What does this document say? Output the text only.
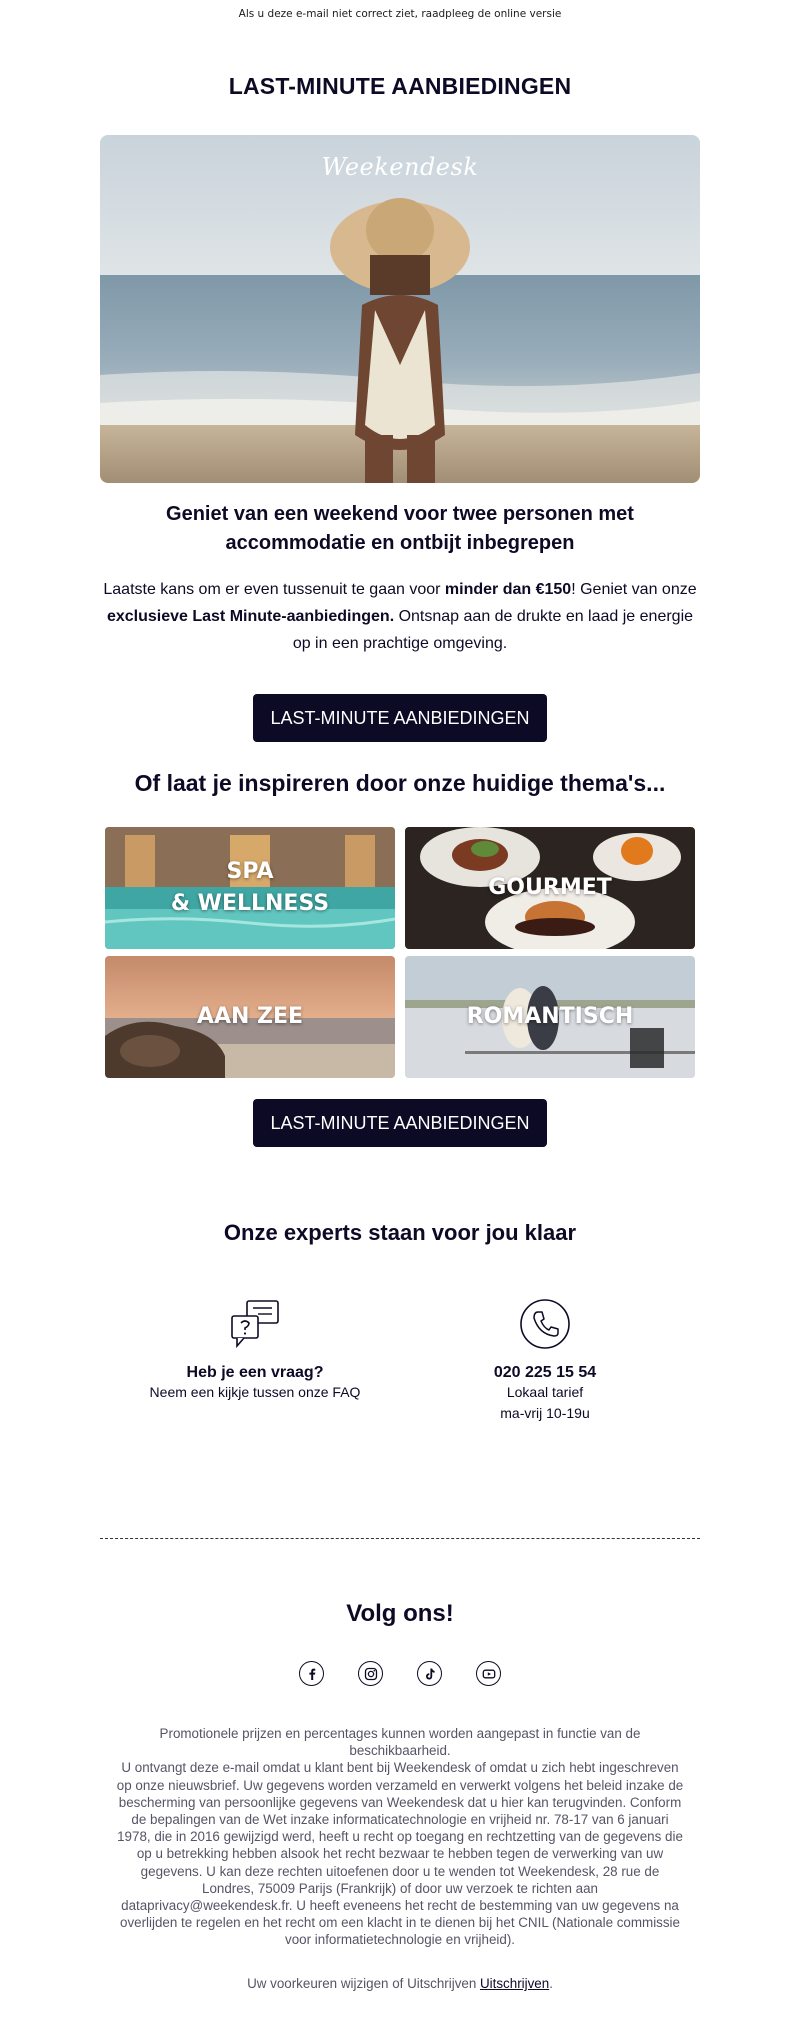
Als u deze e-mail niet correct ziet, raadpleeg de online versie
LAST-MINUTE AANBIEDINGEN
Weekendesk
Geniet van een weekend voor twee personen met accommodatie en ontbijt inbegrepen

Laatste kans om er even tussenuit te gaan voor minder dan €150! Geniet van onze exclusieve Last Minute-aanbiedingen. Ontsnap aan de drukte en laad je energie op in een prachtige omgeving.

LAST-MINUTE AANBIEDINGEN
Of laat je inspireren door onze huidige thema's...
SPA
& WELLNESS
GOURMET
AAN ZEE	ROMANTISCH
LAST-MINUTE AANBIEDINGEN
Onze experts staan voor jou klaar
Heb je een vraag?
Neem een kijkje tussen onze FAQ
020 225 15 54
Lokaal tarief
ma-vrij 10-19u
Volg ons!

Promotionele prijzen en percentages kunnen worden aangepast in functie van de beschikbaarheid.

U ontvangt deze e-mail omdat u klant bent bij Weekendesk of omdat u zich hebt ingeschreven op onze nieuwsbrief. Uw gegevens worden verzameld en verwerkt volgens het beleid inzake de bescherming van persoonlijke gegevens van Weekendesk dat u hier kan terugvinden. Conform de bepalingen van de Wet inzake informaticatechnologie en vrijheid nr. 78-17 van 6 januari 1978, die in 2016 gewijzigd werd, heeft u recht op toegang en rechtzetting van de gegevens die op u betrekking hebben alsook het recht bezwaar te hebben tegen de verwerking van uw gegevens. U kan deze rechten uitoefenen door u te wenden tot Weekendesk, 28 rue de Londres, 75009 Parijs (Frankrijk) of door uw verzoek te richten aan dataprivacy@weekendesk.fr. U heeft eveneens het recht de bestemming van uw gegevens na overlijden te regelen en het recht om een klacht in te dienen bij het CNIL (Nationale commissie voor informatietechnologie en vrijheid).

Uw voorkeuren wijzigen of Uitschrijven Uitschrijven.
